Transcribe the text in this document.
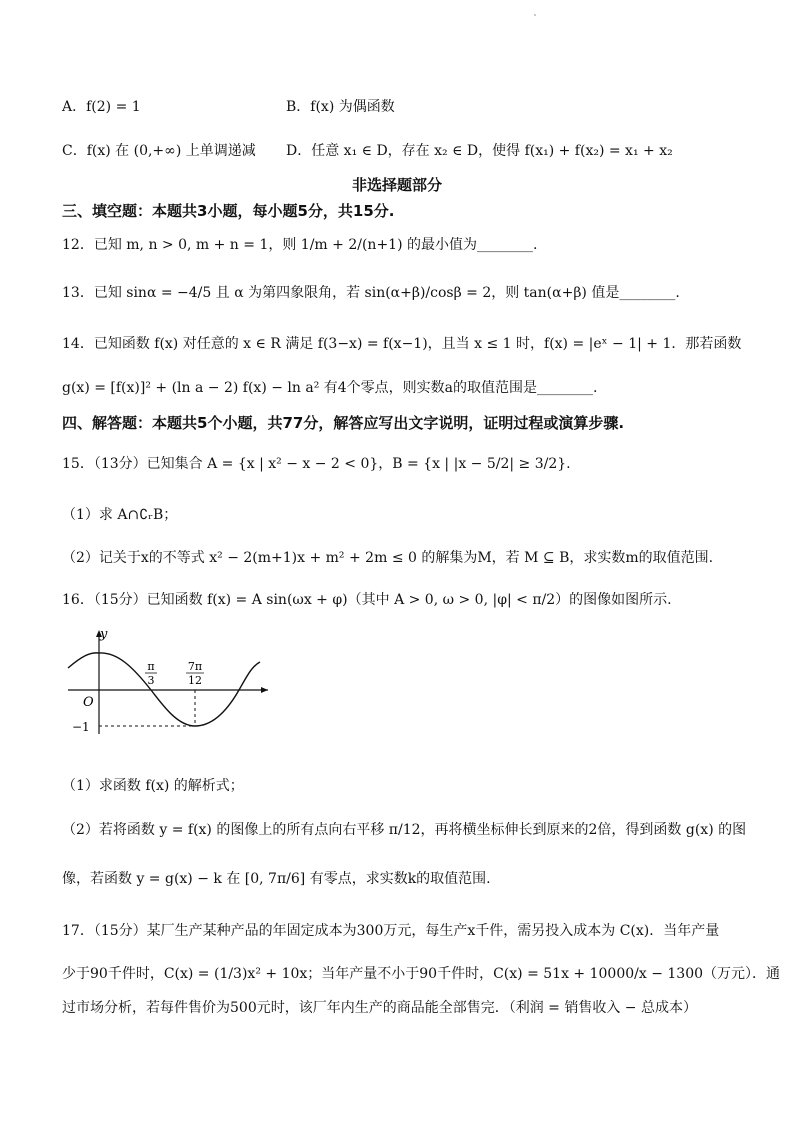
A．f(2) = 1	B．f(x) 为偶函数
C．f(x) 在 (0,+∞) 上单调递减 D．任意 x₁ ∈ D，存在 x₂ ∈ D，使得 f(x₁) + f(x₂) = x₁ + x₂
非选择题部分
三、填空题：本题共3小题，每小题5分，共15分.
12．已知 m, n > 0, m + n = 1，则 1/m + 2/(n+1) 的最小值为________.
13．已知 sinα = −4/5 且 α 为第四象限角，若 sin(α+β)/cosβ = 2，则 tan(α+β) 值是________.
14．已知函数 f(x) 对任意的 x ∈ R 满足 f(3−x) = f(x−1)，且当 x ≤ 1 时，f(x) = |eˣ − 1| + 1．那若函数
g(x) = [f(x)]² + (ln a − 2) f(x) − ln a² 有4个零点，则实数a的取值范围是________.
四、解答题：本题共5个小题，共77分，解答应写出文字说明，证明过程或演算步骤.
15．（13分）已知集合 A = {x | x² − x − 2 < 0}，B = {x | |x − 5/2| ≥ 3/2}.
（1）求 A∩∁ᵣB；
（2）记关于x的不等式 x² − 2(m+1)x + m² + 2m ≤ 0 的解集为M，若 M ⊆ B，求实数m的取值范围.
16．（15分）已知函数 f(x) = A sin(ωx + φ)（其中 A > 0, ω > 0, |φ| < π/2）的图像如图所示.
y
O
−1
π
3
7π
12
（1）求函数 f(x) 的解析式；
（2）若将函数 y = f(x) 的图像上的所有点向右平移 π/12，再将横坐标伸长到原来的2倍，得到函数 g(x) 的图
像，若函数 y = g(x) − k 在 [0, 7π/6] 有零点，求实数k的取值范围.
17．（15分）某厂生产某种产品的年固定成本为300万元，每生产x千件，需另投入成本为 C(x)．当年产量
少于90千件时，C(x) = (1/3)x² + 10x；当年产量不小于90千件时，C(x) = 51x + 10000/x − 1300（万元）．通
过市场分析，若每件售价为500元时，该厂年内生产的商品能全部售完．（利润 = 销售收入 − 总成本）
